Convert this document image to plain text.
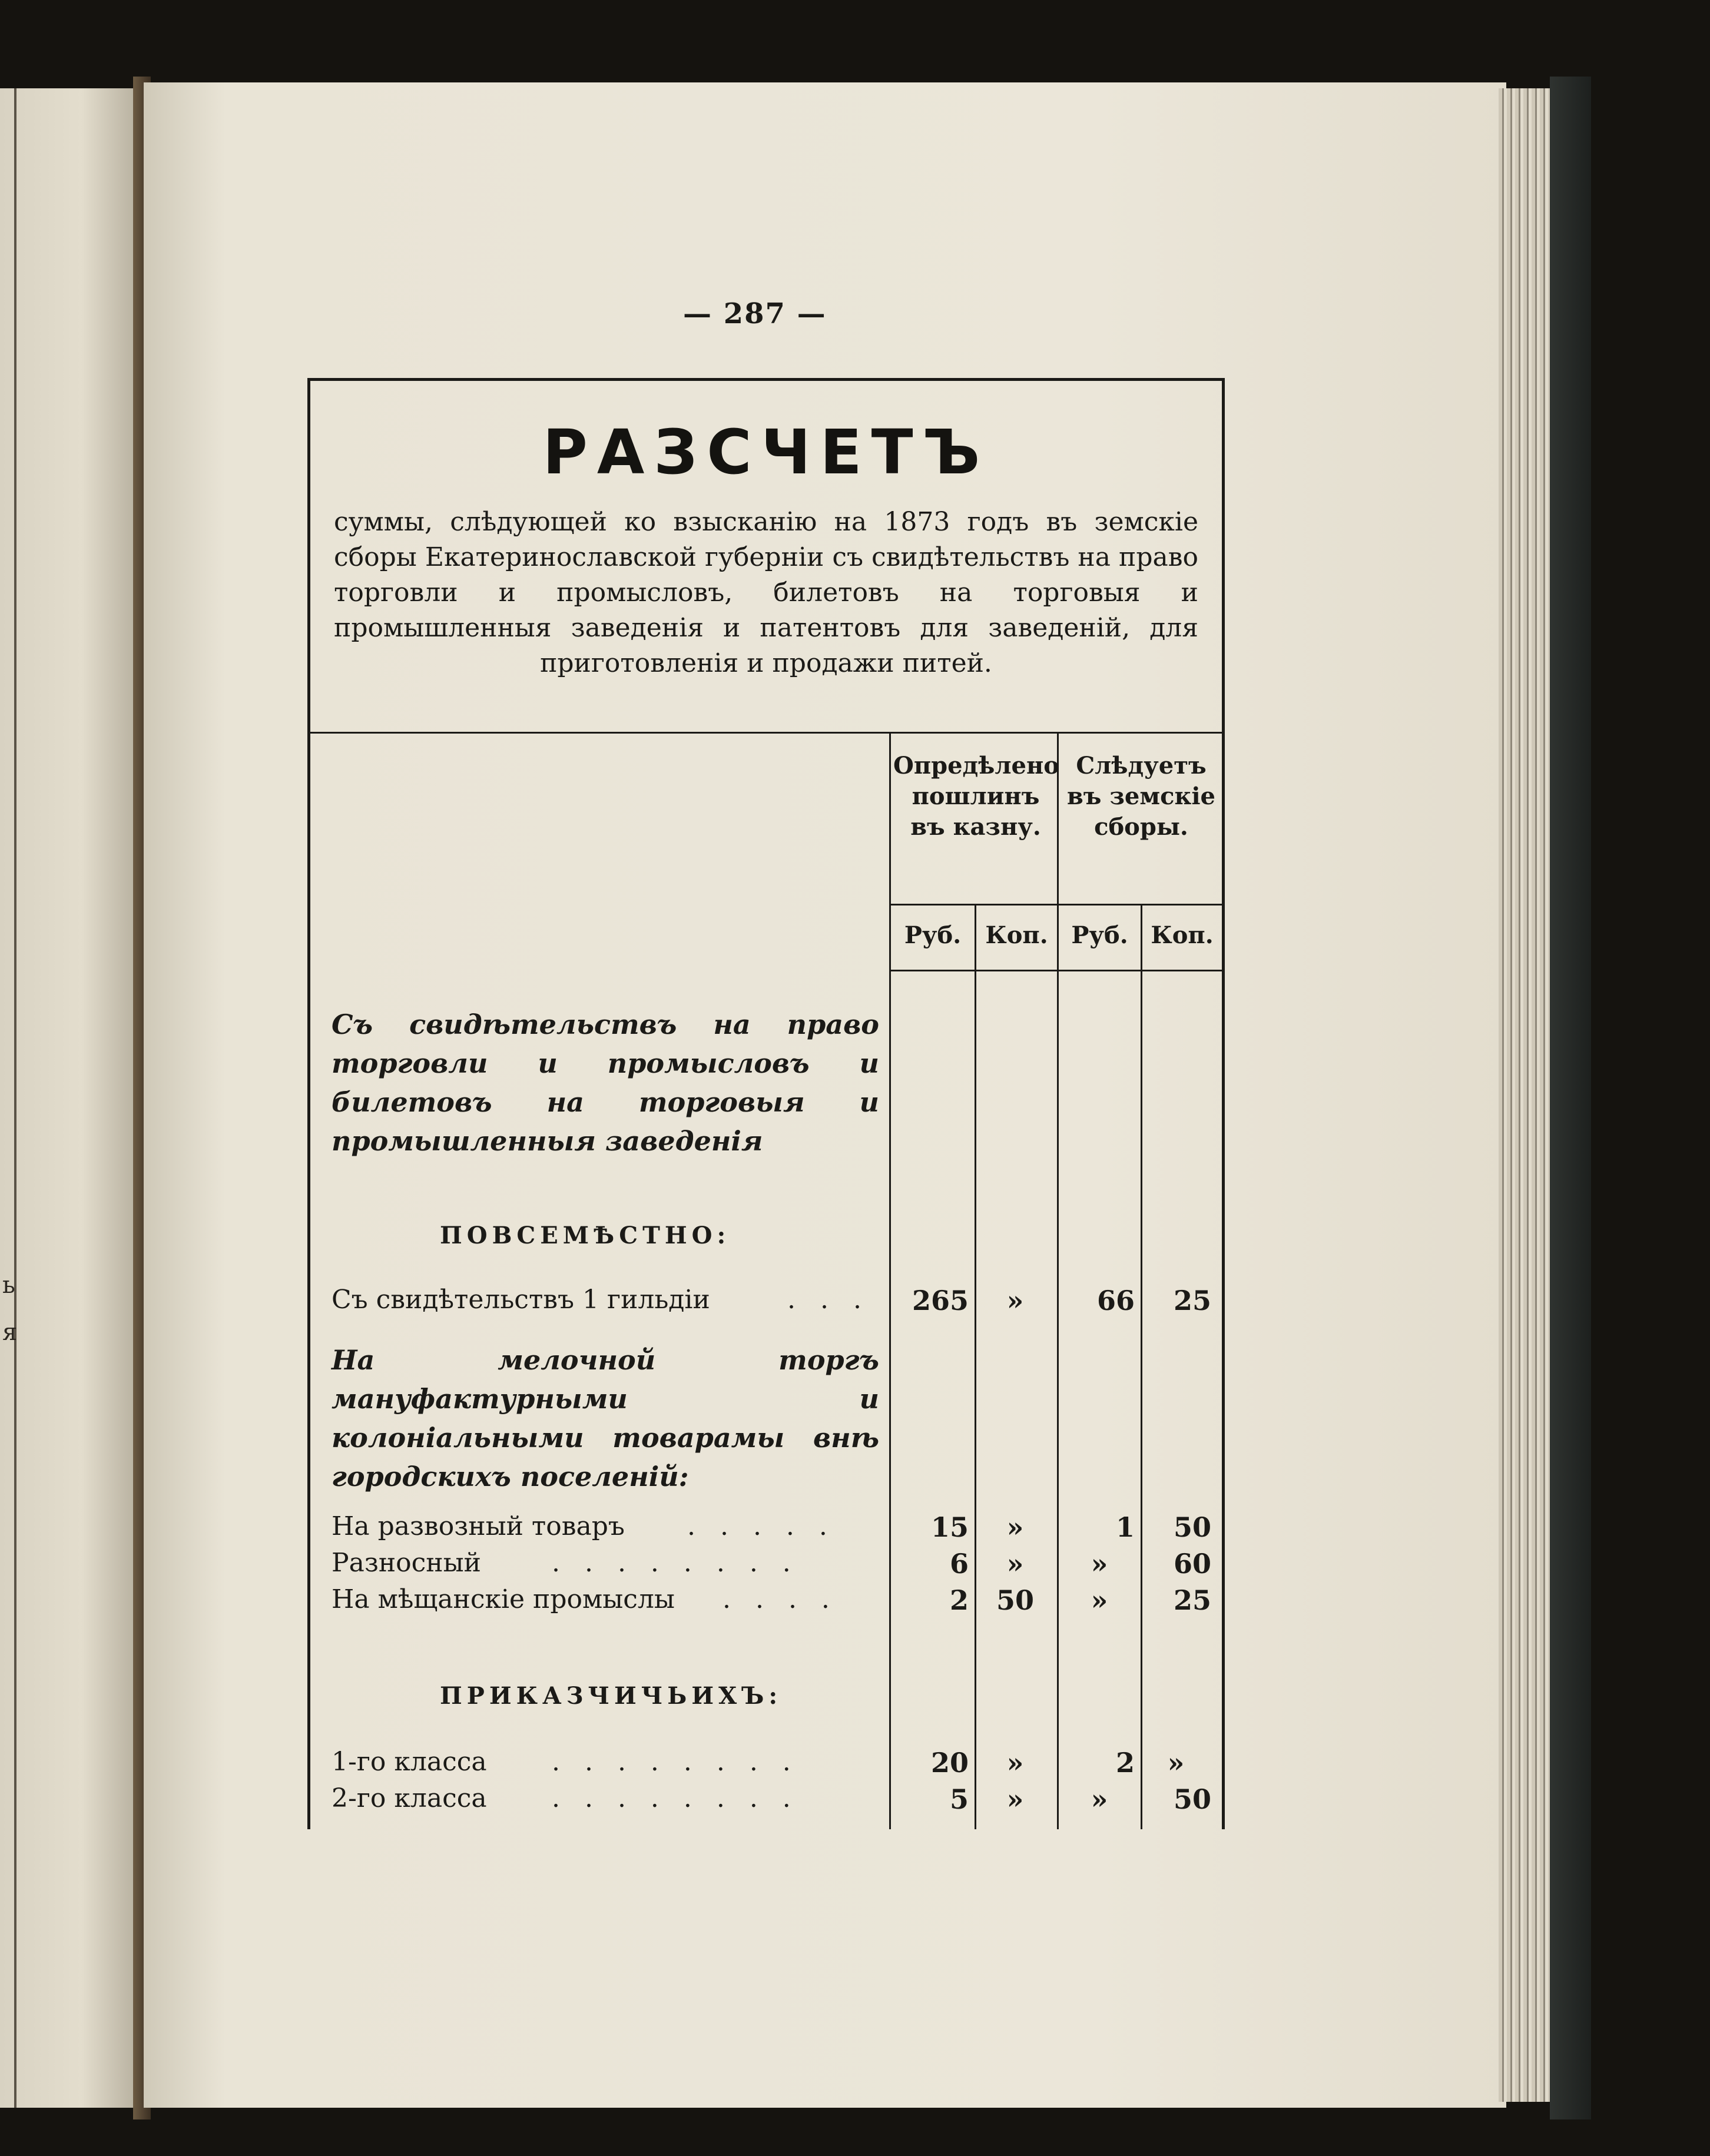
ь
я
— 287 —
РАЗСЧЕТЪ
суммы, слѣдующей ко взысканію на 1873 годъ въ земскіе сборы Екатеринославской губерніи съ свидѣтельствъ на право торговли и промысловъ, билетовъ на торговыя и промышленныя заведенія и патентовъ для заведеній, для приготовленія и продажи питей.
Опредѣлено пошлинъ въ казну.
Слѣдуетъ въ земскіе сборы.
Руб.	Коп. Руб. Коп.
Съ свидѣтельствъ на право торговли и промысловъ и билетовъ на торговыя и промышленныя заведенія
ПОВСЕМѢСТНО:
Съ свидѣтельствъ 1 гильдіи	. . .	265	»	66	25
На мелочной торгъ мануфактурными и колоніальными товарамы внѣ городскихъ поселеній:
На развозный товаръ . . . . .	15	»	1	50
Разносный	. . . . . . . .	6	»	»	60
На мѣщанскіе промыслы . . . .	2	50	»	25
ПРИКАЗЧИЧЬИХЪ:
1-го класса	. . . . . . . .	20	»	2	»
2-го класса	. . . . . . . .	5	»	»	50
